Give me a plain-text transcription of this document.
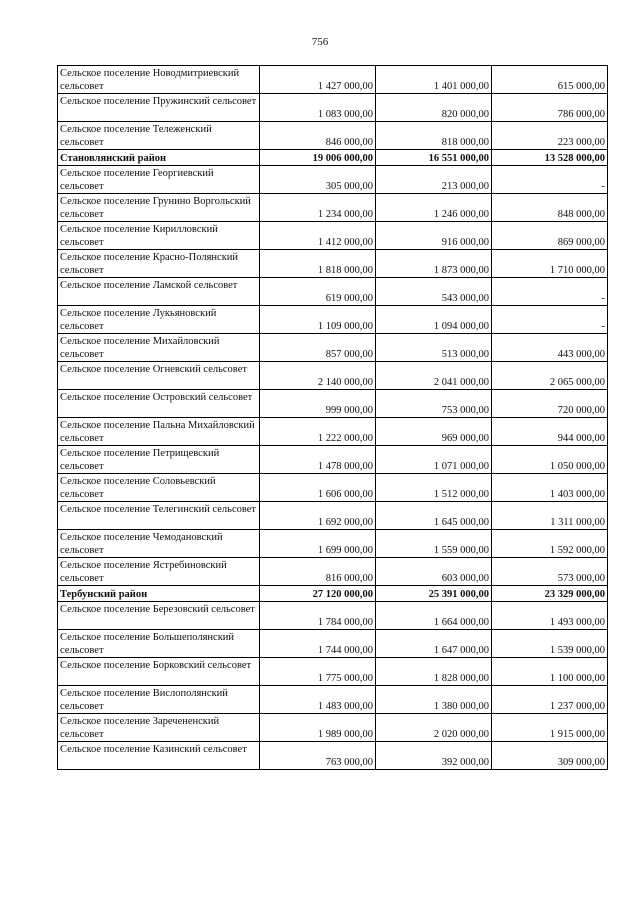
756
Сельское поселение Новодмитриевский сельсовет	1 427 000,00	1 401 000,00	615 000,00
Сельское поселение Пружинский сельсовет	1 083 000,00	820 000,00	786 000,00
Сельское поселение Тележенский сельсовет	846 000,00	818 000,00	223 000,00
Становлянский район	19 006 000,00	16 551 000,00	13 528 000,00
Сельское поселение Георгиевский сельсовет	305 000,00	213 000,00	-
Сельское поселение Грунино Воргольский сельсовет	1 234 000,00	1 246 000,00	848 000,00
Сельское поселение Кирилловский сельсовет	1 412 000,00	916 000,00	869 000,00
Сельское поселение Красно-Полянский сельсовет	1 818 000,00	1 873 000,00	1 710 000,00
Сельское поселение Ламской сельсовет	619 000,00	543 000,00	-
Сельское поселение Лукьяновский сельсовет	1 109 000,00	1 094 000,00	-
Сельское поселение Михайловский сельсовет	857 000,00	513 000,00	443 000,00
Сельское поселение Огневский сельсовет	2 140 000,00	2 041 000,00	2 065 000,00
Сельское поселение Островский сельсовет	999 000,00	753 000,00	720 000,00
Сельское поселение Пальна Михайловский сельсовет	1 222 000,00	969 000,00	944 000,00
Сельское поселение Петрищевский сельсовет	1 478 000,00	1 071 000,00	1 050 000,00
Сельское поселение Соловьевский сельсовет	1 606 000,00	1 512 000,00	1 403 000,00
Сельское поселение Телегинский сельсовет	1 692 000,00	1 645 000,00	1 311 000,00
Сельское поселение Чемодановский сельсовет	1 699 000,00	1 559 000,00	1 592 000,00
Сельское поселение Ястребиновский сельсовет	816 000,00	603 000,00	573 000,00
Тербунский район	27 120 000,00	25 391 000,00	23 329 000,00
Сельское поселение Березовский сельсовет	1 784 000,00	1 664 000,00	1 493 000,00
Сельское поселение Большеполянский сельсовет	1 744 000,00	1 647 000,00	1 539 000,00
Сельское поселение Борковский сельсовет	1 775 000,00	1 828 000,00	1 100 000,00
Сельское поселение Вислополянский сельсовет	1 483 000,00	1 380 000,00	1 237 000,00
Сельское поселение Заречененский сельсовет	1 989 000,00	2 020 000,00	1 915 000,00
Сельское поселение Казинский сельсовет	763 000,00	392 000,00	309 000,00
